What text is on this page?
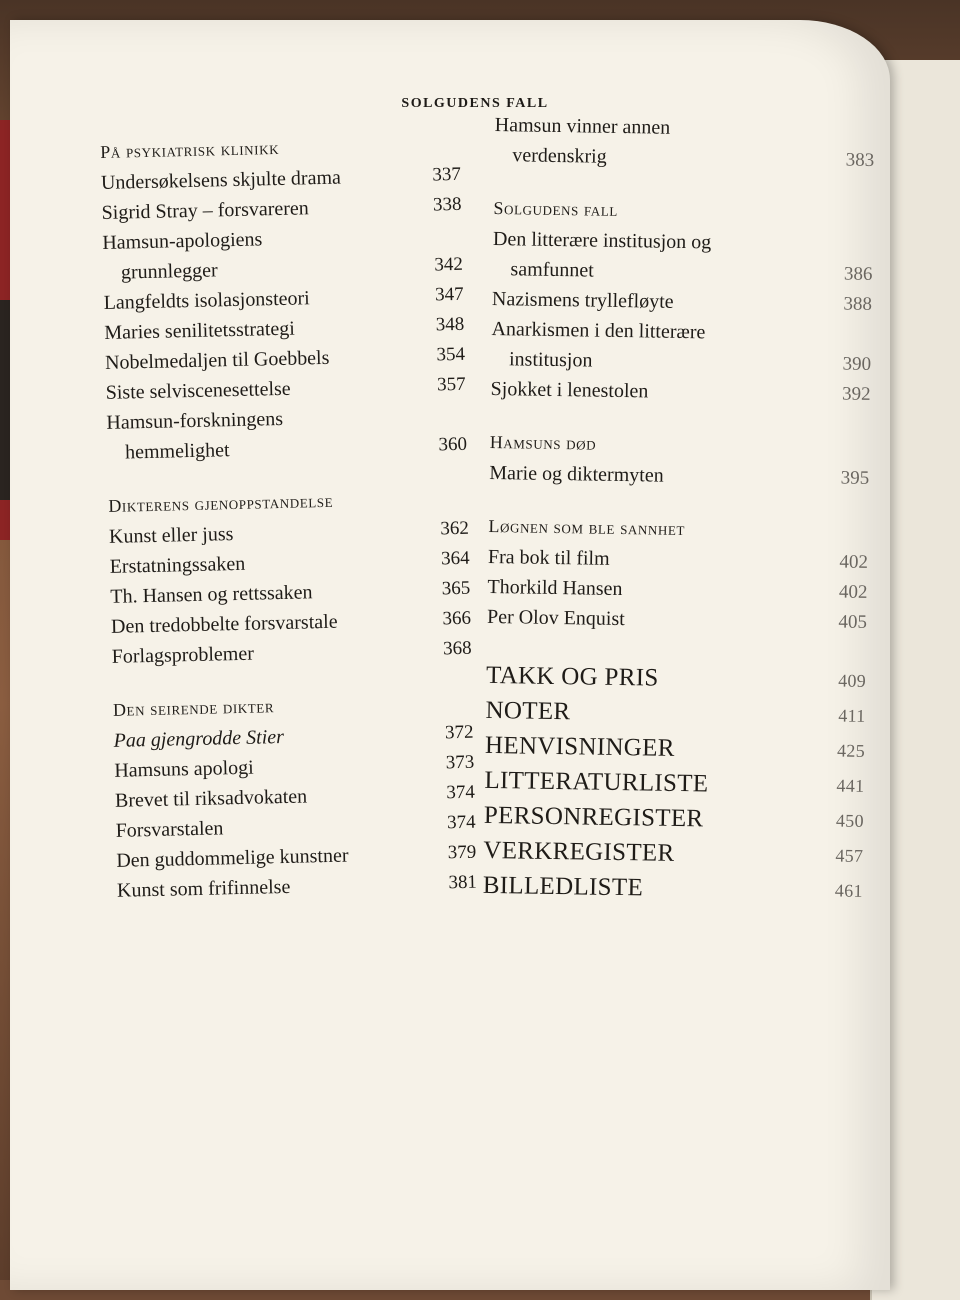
SOLGUDENS FALL
På psykiatrisk klinikk
Undersøkelsens skjulte drama	337
Sigrid Stray – forsvareren	338
Hamsun-apologiens
grunnlegger	342
Langfeldts isolasjonsteori	347
Maries senilitetsstrategi	348
Nobelmedaljen til Goebbels	354
Siste selviscenesettelse	357
Hamsun-forskningens
hemmelighet	360
Dikterens gjenoppstandelse
Kunst eller juss	362
Erstatningssaken	364
Th. Hansen og rettssaken	365
Den tredobbelte forsvarstale	366
Forlagsproblemer	368
Den seirende dikter
Paa gjengrodde Stier	372
Hamsuns apologi	373
Brevet til riksadvokaten	374
Forsvarstalen	374
Den guddommelige kunstner	379
Kunst som frifinnelse	381
Hamsun vinner annen
verdenskrig	383
Solgudens fall
Den litterære institusjon og
samfunnet	386
Nazismens tryllefløyte	388
Anarkismen i den litterære
institusjon	390
Sjokket i lenestolen	392
Hamsuns død
Marie og diktermyten	395
Løgnen som ble sannhet
Fra bok til film	402
Thorkild Hansen	402
Per Olov Enquist	405
TAKK OG PRIS	409
NOTER	411
HENVISNINGER	425
LITTERATURLISTE	441
PERSONREGISTER	450
VERKREGISTER	457
BILLEDLISTE	461
